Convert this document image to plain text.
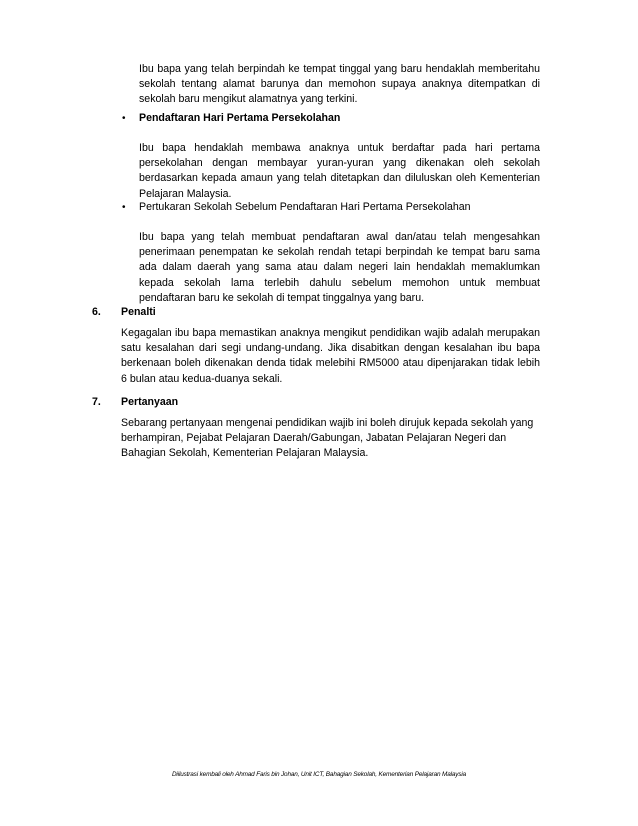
Ibu bapa yang telah berpindah ke tempat tinggal yang baru hendaklah memberitahu sekolah tentang alamat barunya dan memohon supaya anaknya ditempatkan di sekolah baru mengikut alamatnya yang terkini.

• Pendaftaran Hari Pertama Persekolahan

Ibu bapa hendaklah membawa anaknya untuk berdaftar pada hari pertama persekolahan dengan membayar yuran-yuran yang dikenakan oleh sekolah berdasarkan kepada amaun yang telah ditetapkan dan diluluskan oleh Kementerian Pelajaran Malaysia.

• Pertukaran Sekolah Sebelum Pendaftaran Hari Pertama Persekolahan

Ibu bapa yang telah membuat pendaftaran awal dan/atau telah mengesahkan penerimaan penempatan ke sekolah rendah tetapi berpindah ke tempat baru sama ada dalam daerah yang sama atau dalam negeri lain hendaklah memaklumkan kepada sekolah lama terlebih dahulu sebelum memohon untuk membuat pendaftaran baru ke sekolah di tempat tinggalnya yang baru.

6. Penalti

Kegagalan ibu bapa memastikan anaknya mengikut pendidikan wajib adalah merupakan satu kesalahan dari segi undang-undang. Jika disabitkan dengan kesalahan ibu bapa berkenaan boleh dikenakan denda tidak melebihi RM5000 atau dipenjarakan tidak lebih 6 bulan atau kedua-duanya sekali.

7. Pertanyaan

Sebarang pertanyaan mengenai pendidikan wajib ini boleh dirujuk kepada sekolah yang berhampiran, Pejabat Pelajaran Daerah/Gabungan, Jabatan Pelajaran Negeri dan Bahagian Sekolah, Kementerian Pelajaran Malaysia.

Diilustrasi kembali oleh Ahmad Faris bin Johan, Unit ICT, Bahagian Sekolah, Kementerian Pelajaran Malaysia
